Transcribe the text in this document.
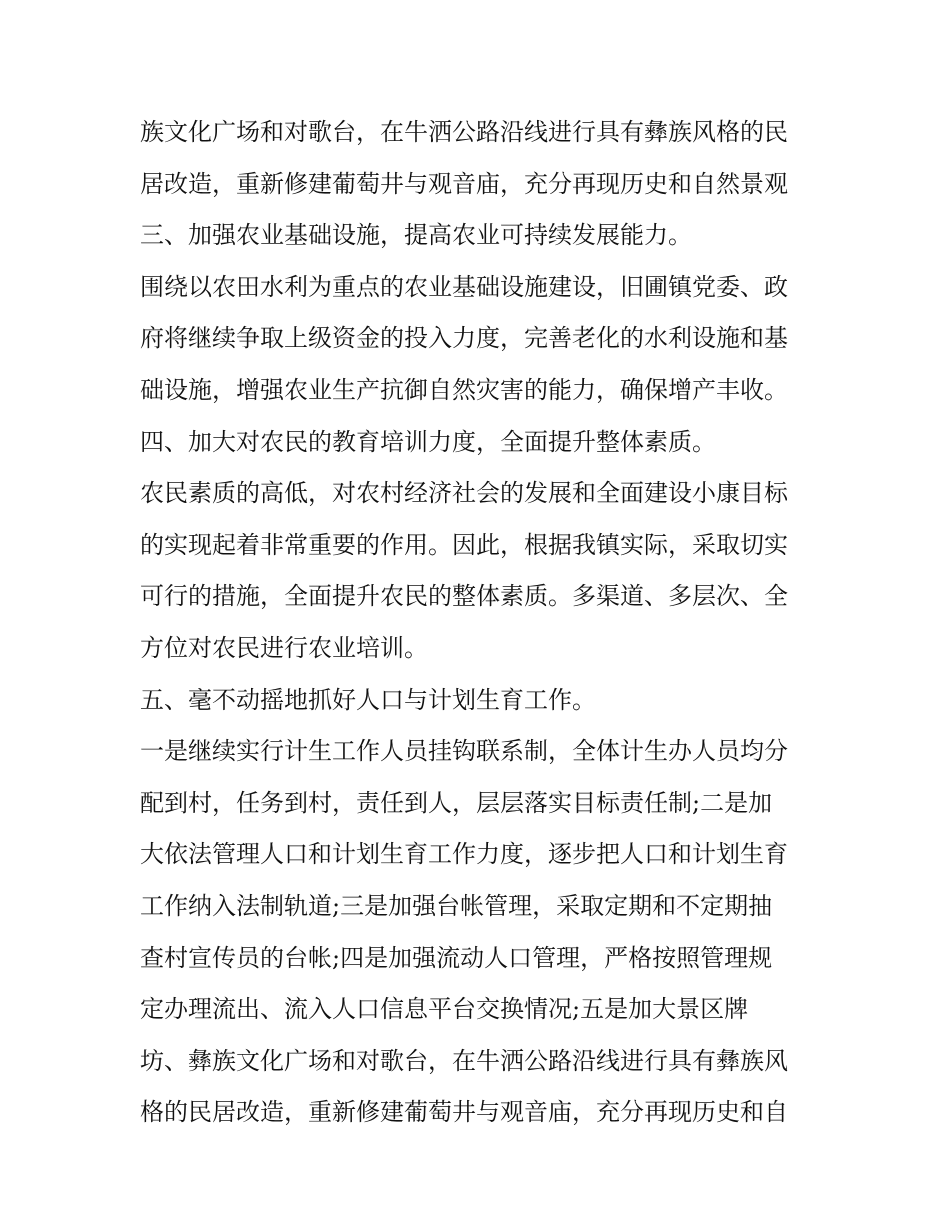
族文化广场和对歌台，在牛洒公路沿线进行具有彝族风格的民
居改造，重新修建葡萄井与观音庙，充分再现历史和自然景观
三、加强农业基础设施，提高农业可持续发展能力。
围绕以农田水利为重点的农业基础设施建设，旧圃镇党委、政
府将继续争取上级资金的投入力度，完善老化的水利设施和基
础设施，增强农业生产抗御自然灾害的能力，确保增产丰收。
四、加大对农民的教育培训力度，全面提升整体素质。
农民素质的高低，对农村经济社会的发展和全面建设小康目标
的实现起着非常重要的作用。因此，根据我镇实际，采取切实
可行的措施，全面提升农民的整体素质。多渠道、多层次、全
方位对农民进行农业培训。
五、毫不动摇地抓好人口与计划生育工作。
一是继续实行计生工作人员挂钩联系制，全体计生办人员均分
配到村，任务到村，责任到人，层层落实目标责任制;二是加
大依法管理人口和计划生育工作力度，逐步把人口和计划生育
工作纳入法制轨道;三是加强台帐管理，采取定期和不定期抽
查村宣传员的台帐;四是加强流动人口管理，严格按照管理规
定办理流出、流入人口信息平台交换情况;五是加大景区牌
坊、彝族文化广场和对歌台，在牛洒公路沿线进行具有彝族风
格的民居改造，重新修建葡萄井与观音庙，充分再现历史和自
